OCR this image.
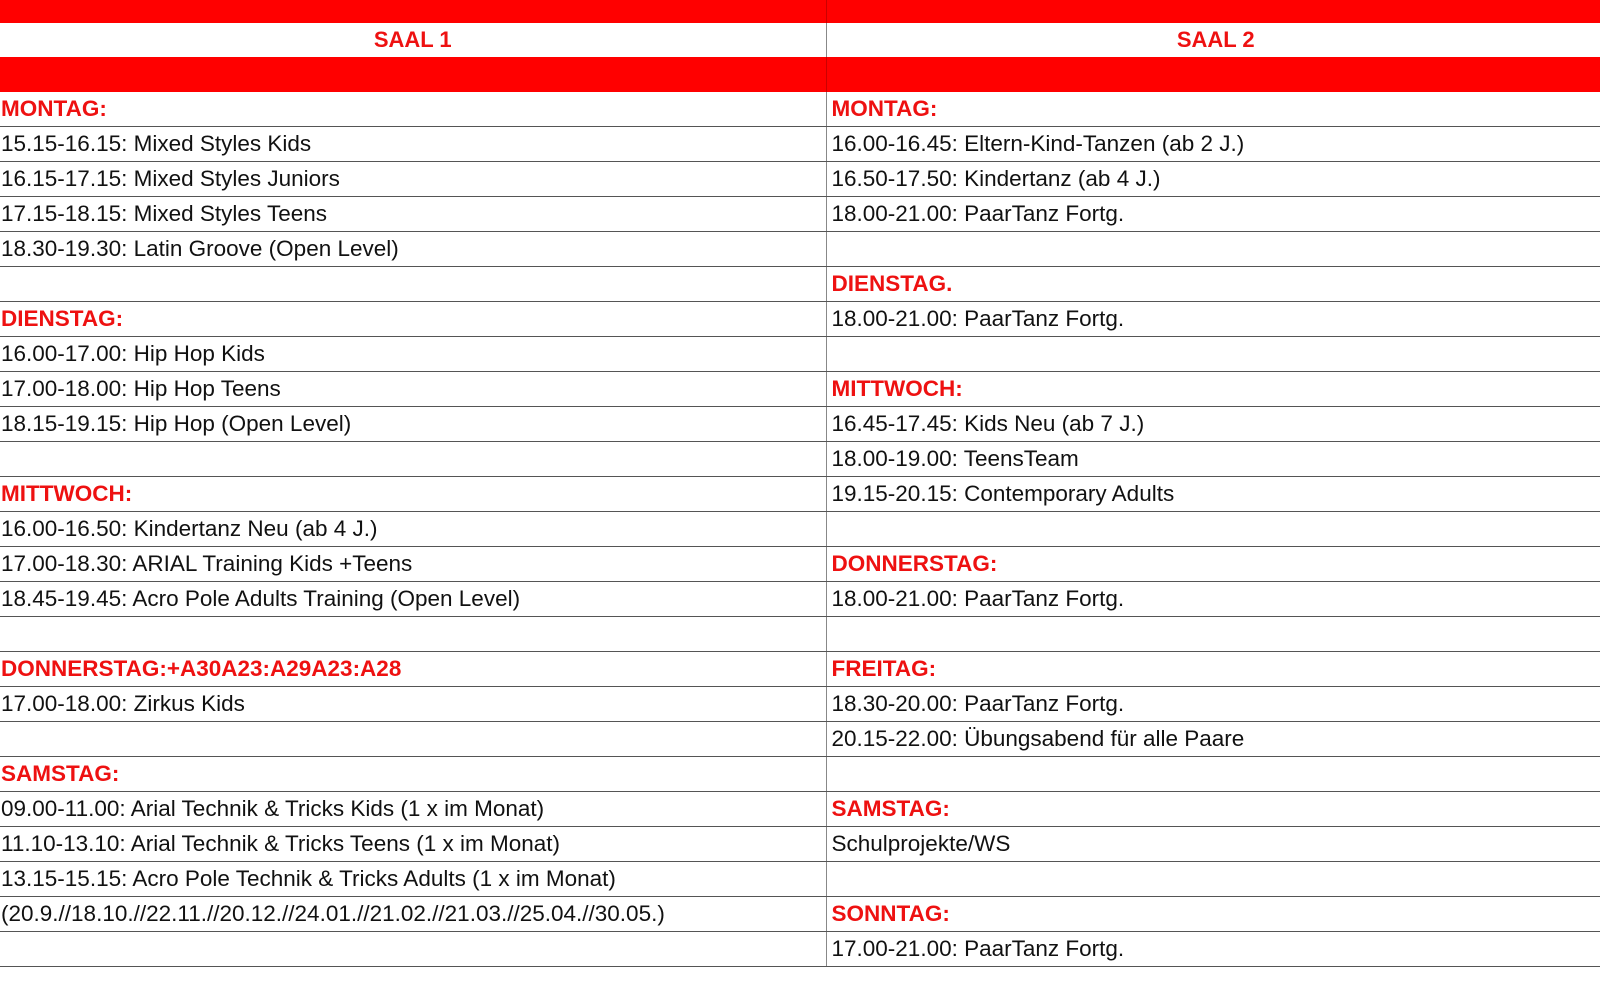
SAAL 1	SAAL 2

MONTAG:	MONTAG:
15.15-16.15: Mixed Styles Kids	16.00-16.45: Eltern-Kind-Tanzen (ab 2 J.)
16.15-17.15: Mixed Styles Juniors	16.50-17.50: Kindertanz (ab 4 J.)
17.15-18.15: Mixed Styles Teens	18.00-21.00: PaarTanz Fortg.
18.30-19.30: Latin Groove (Open Level)	
	DIENSTAG.
DIENSTAG:	18.00-21.00: PaarTanz Fortg.
16.00-17.00: Hip Hop Kids	
17.00-18.00: Hip Hop Teens	MITTWOCH:
18.15-19.15: Hip Hop (Open Level)	16.45-17.45: Kids Neu (ab 7 J.)
	18.00-19.00: TeensTeam
MITTWOCH:	19.15-20.15: Contemporary Adults
16.00-16.50: Kindertanz Neu (ab 4 J.)	
17.00-18.30: ARIAL Training Kids +Teens	DONNERSTAG:
18.45-19.45: Acro Pole Adults Training (Open Level)	18.00-21.00: PaarTanz Fortg.

DONNERSTAG:+A30A23:A29A23:A28	FREITAG:
17.00-18.00: Zirkus Kids	18.30-20.00: PaarTanz Fortg.
	20.15-22.00: Übungsabend für alle Paare
SAMSTAG:	
09.00-11.00: Arial Technik & Tricks Kids (1 x im Monat)	SAMSTAG:
11.10-13.10: Arial Technik & Tricks Teens (1 x im Monat)	Schulprojekte/WS
13.15-15.15: Acro Pole Technik & Tricks Adults (1 x im Monat)	
(20.9.//18.10.//22.11.//20.12.//24.01.//21.02.//21.03.//25.04.//30.05.)	SONNTAG:
	17.00-21.00: PaarTanz Fortg.
